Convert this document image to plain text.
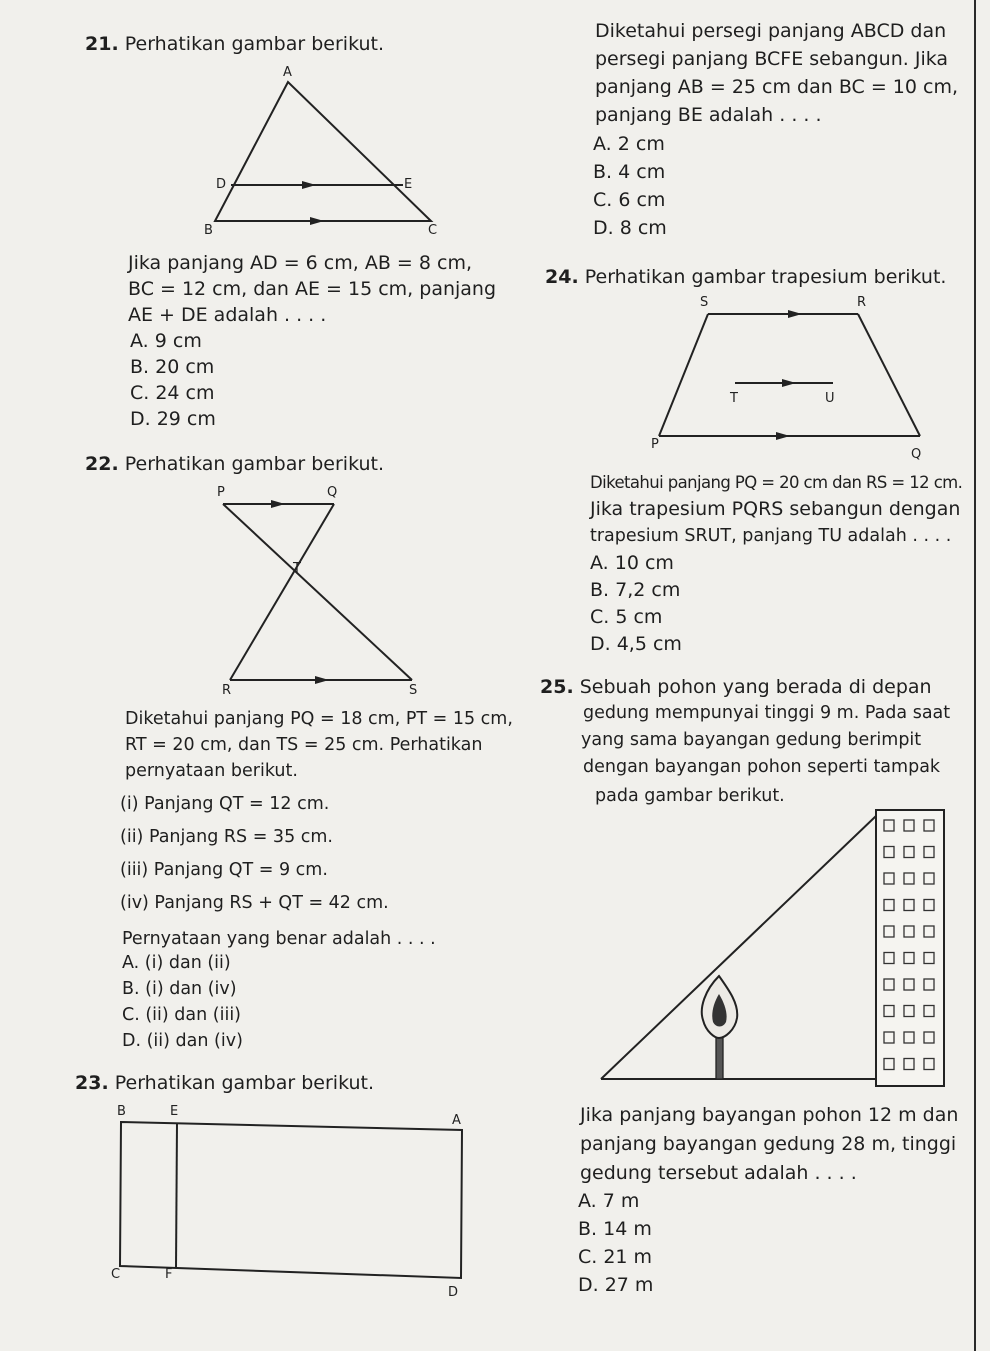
21. Perhatikan gambar berikut.
A
D	E
B	C
Jika panjang AD = 6 cm, AB = 8 cm,
BC = 12 cm, dan AE = 15 cm, panjang
AE + DE adalah . . . .
A. 9 cm
B. 20 cm
C. 24 cm
D. 29 cm
22. Perhatikan gambar berikut.
P	Q
T
R	S
Diketahui panjang PQ = 18 cm, PT = 15 cm,
RT = 20 cm, dan TS = 25 cm. Perhatikan
pernyataan berikut.
(i) Panjang QT = 12 cm.
(ii) Panjang RS = 35 cm.
(iii) Panjang QT = 9 cm.
(iv) Panjang RS + QT = 42 cm.
Pernyataan yang benar adalah . . . .
A. (i) dan (ii)
B. (i) dan (iv)
C. (ii) dan (iii)
D. (ii) dan (iv)
23. Perhatikan gambar berikut.
B	E
A
C	F
D
Diketahui persegi panjang ABCD dan
persegi panjang BCFE sebangun. Jika
panjang AB = 25 cm dan BC = 10 cm,
panjang BE adalah . . . .
A. 2 cm
B. 4 cm
C. 6 cm
D. 8 cm
24. Perhatikan gambar trapesium berikut.
S	R
T	U
P
Q
Diketahui panjang PQ = 20 cm dan RS = 12 cm.
Jika trapesium PQRS sebangun dengan
trapesium SRUT, panjang TU adalah . . . .
A. 10 cm
B. 7,2 cm
C. 5 cm
D. 4,5 cm
25. Sebuah pohon yang berada di depan
gedung mempunyai tinggi 9 m. Pada saat
yang sama bayangan gedung berimpit
dengan bayangan pohon seperti tampak
pada gambar berikut.
Jika panjang bayangan pohon 12 m dan
panjang bayangan gedung 28 m, tinggi
gedung tersebut adalah . . . .
A. 7 m
B. 14 m
C. 21 m
D. 27 m
